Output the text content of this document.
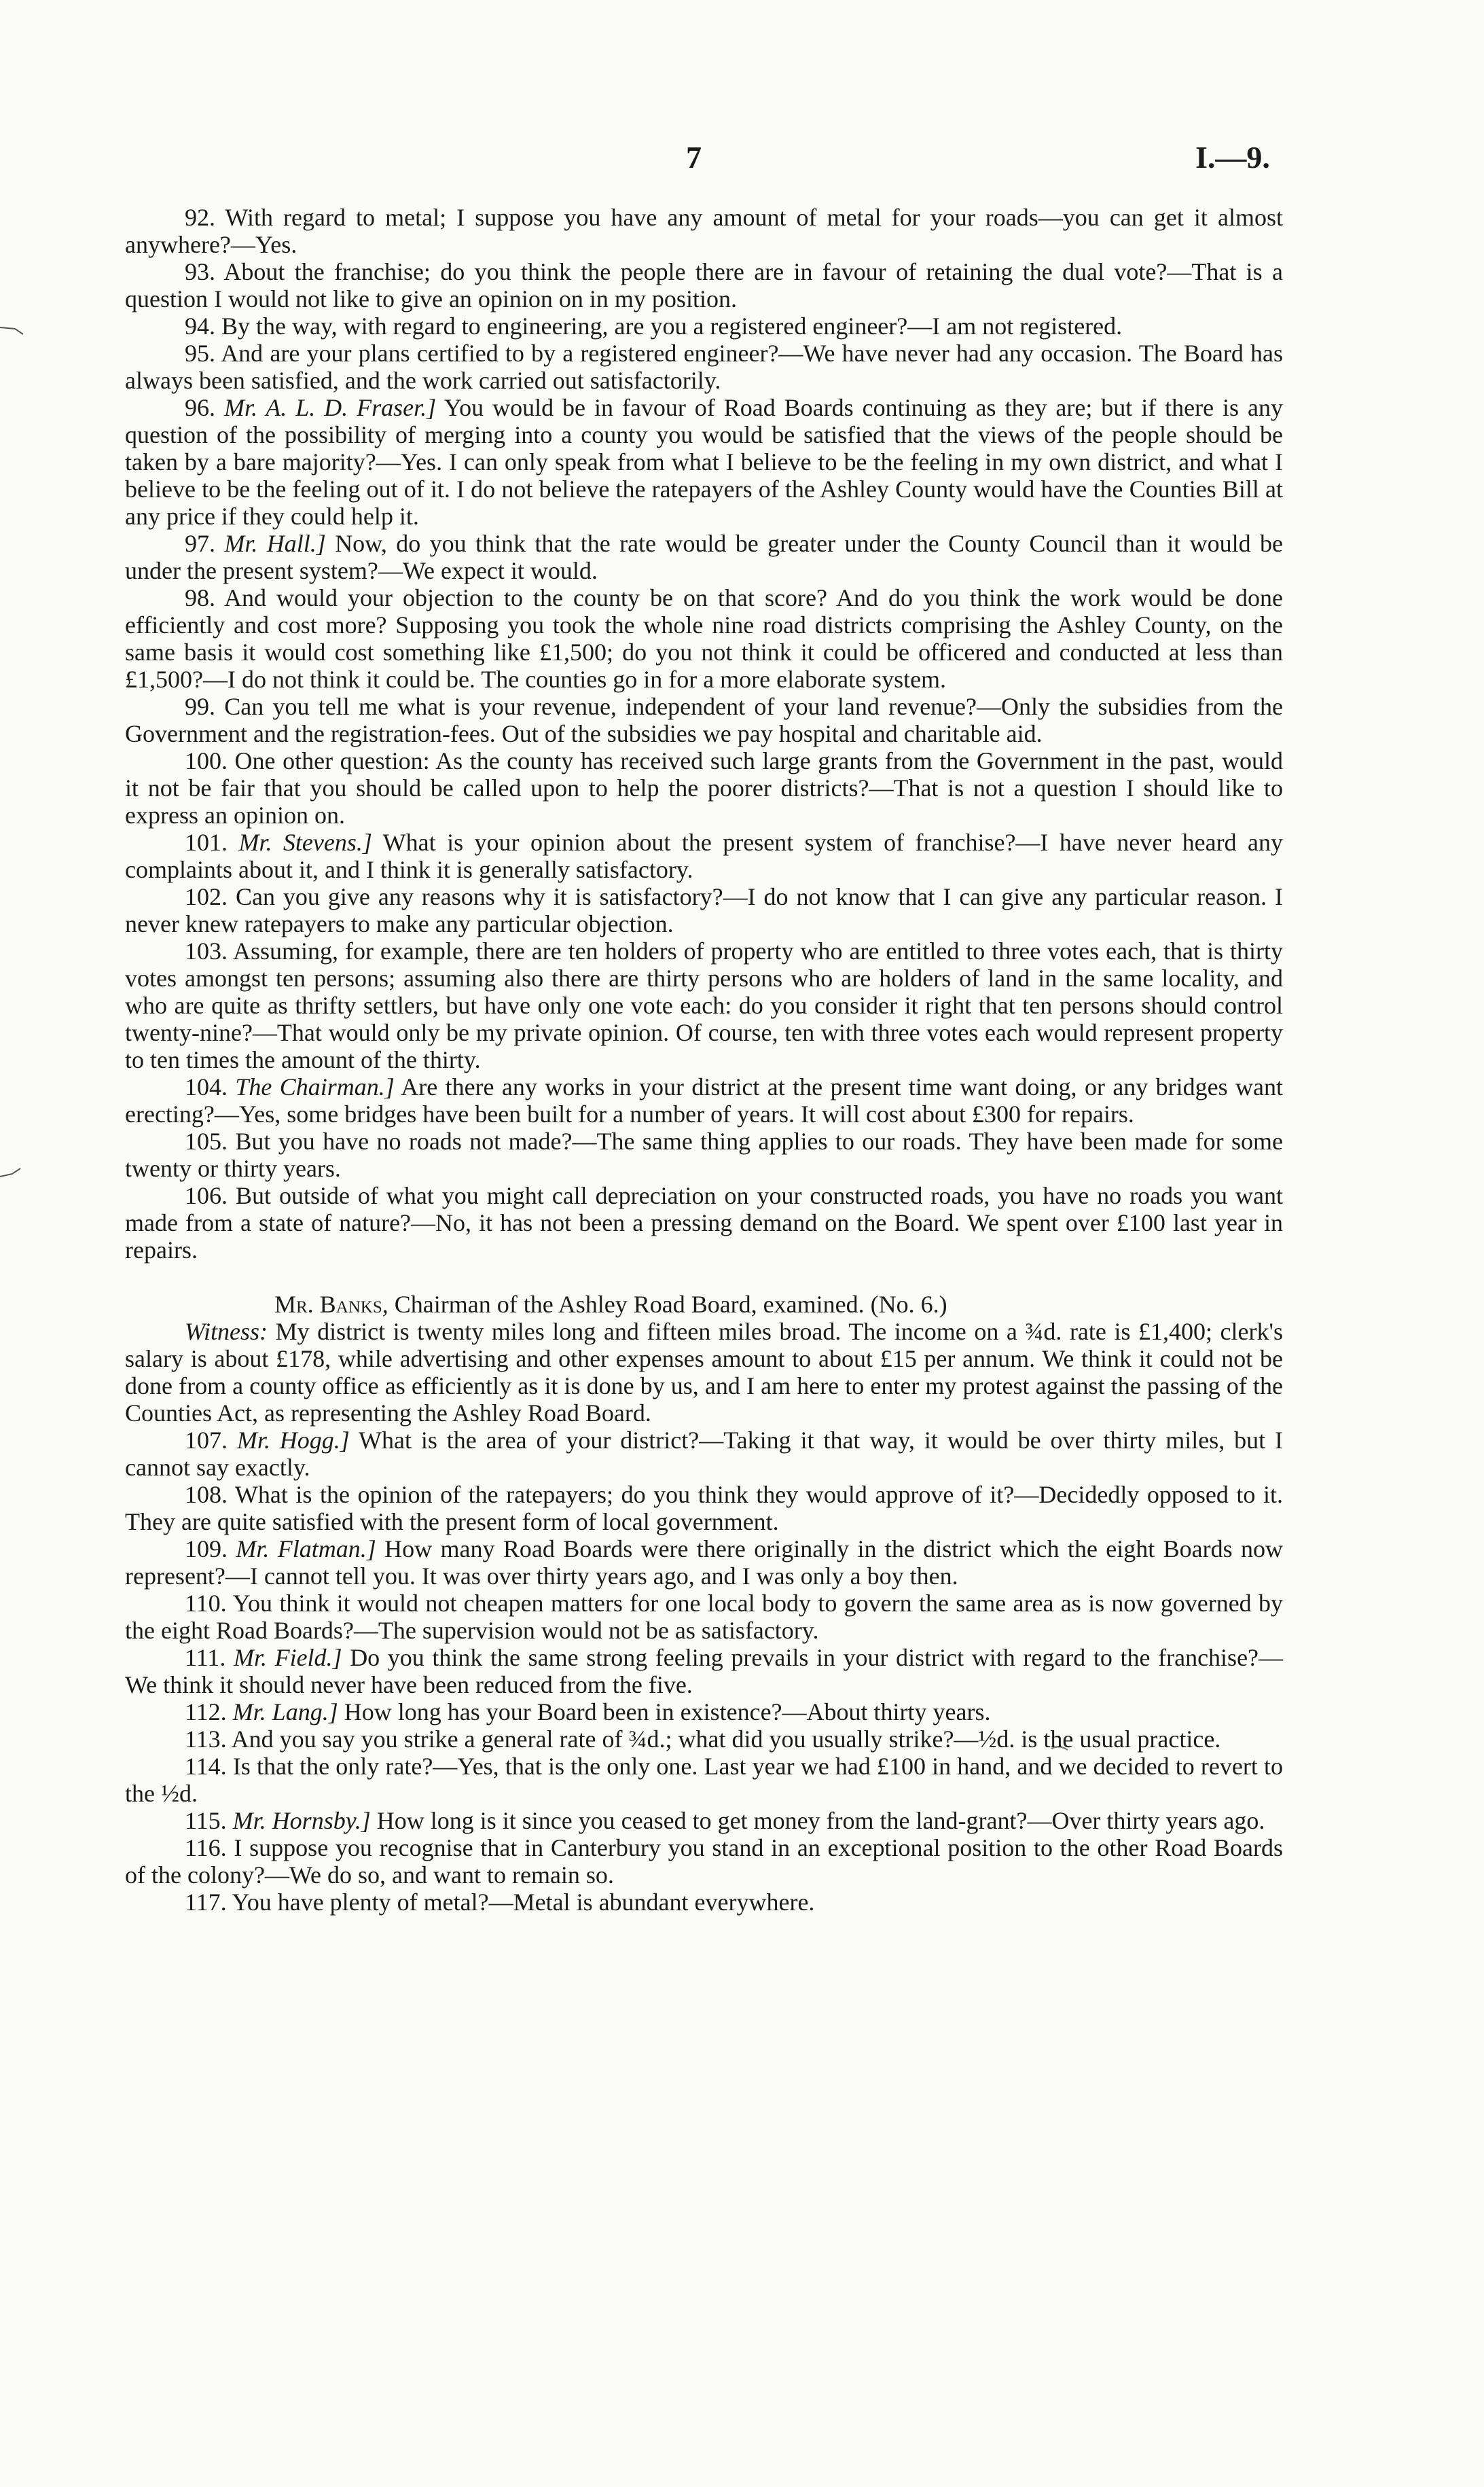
7	I.—9.

92. With regard to metal; I suppose you have any amount of metal for your roads—you can get it almost anywhere?—Yes.

93. About the franchise; do you think the people there are in favour of retaining the dual vote?—That is a question I would not like to give an opinion on in my position.

94. By the way, with regard to engineering, are you a registered engineer?—I am not registered.

95. And are your plans certified to by a registered engineer?—We have never had any occasion. The Board has always been satisfied, and the work carried out satisfactorily.

96. Mr. A. L. D. Fraser.] You would be in favour of Road Boards continuing as they are; but if there is any question of the possibility of merging into a county you would be satisfied that the views of the people should be taken by a bare majority?—Yes. I can only speak from what I believe to be the feeling in my own district, and what I believe to be the feeling out of it. I do not believe the ratepayers of the Ashley County would have the Counties Bill at any price if they could help it.

97. Mr. Hall.] Now, do you think that the rate would be greater under the County Council than it would be under the present system?—We expect it would.

98. And would your objection to the county be on that score? And do you think the work would be done efficiently and cost more? Supposing you took the whole nine road districts comprising the Ashley County, on the same basis it would cost something like £1,500; do you not think it could be officered and conducted at less than £1,500?—I do not think it could be. The counties go in for a more elaborate system.

99. Can you tell me what is your revenue, independent of your land revenue?—Only the subsidies from the Government and the registration-fees. Out of the subsidies we pay hospital and charitable aid.

100. One other question: As the county has received such large grants from the Government in the past, would it not be fair that you should be called upon to help the poorer districts?—That is not a question I should like to express an opinion on.

101. Mr. Stevens.] What is your opinion about the present system of franchise?—I have never heard any complaints about it, and I think it is generally satisfactory.

102. Can you give any reasons why it is satisfactory?—I do not know that I can give any particular reason. I never knew ratepayers to make any particular objection.

103. Assuming, for example, there are ten holders of property who are entitled to three votes each, that is thirty votes amongst ten persons; assuming also there are thirty persons who are holders of land in the same locality, and who are quite as thrifty settlers, but have only one vote each: do you consider it right that ten persons should control twenty-nine?—That would only be my private opinion. Of course, ten with three votes each would represent property to ten times the amount of the thirty.

104. The Chairman.] Are there any works in your district at the present time want doing, or any bridges want erecting?—Yes, some bridges have been built for a number of years. It will cost about £300 for repairs.

105. But you have no roads not made?—The same thing applies to our roads. They have been made for some twenty or thirty years.

106. But outside of what you might call depreciation on your constructed roads, you have no roads you want made from a state of nature?—No, it has not been a pressing demand on the Board. We spent over £100 last year in repairs.

Mr. Banks, Chairman of the Ashley Road Board, examined. (No. 6.)

Witness: My district is twenty miles long and fifteen miles broad. The income on a ¾d. rate is £1,400; clerk's salary is about £178, while advertising and other expenses amount to about £15 per annum. We think it could not be done from a county office as efficiently as it is done by us, and I am here to enter my protest against the passing of the Counties Act, as representing the Ashley Road Board.

107. Mr. Hogg.] What is the area of your district?—Taking it that way, it would be over thirty miles, but I cannot say exactly.

108. What is the opinion of the ratepayers; do you think they would approve of it?—Decidedly opposed to it. They are quite satisfied with the present form of local government.

109. Mr. Flatman.] How many Road Boards were there originally in the district which the eight Boards now represent?—I cannot tell you. It was over thirty years ago, and I was only a boy then.

110. You think it would not cheapen matters for one local body to govern the same area as is now governed by the eight Road Boards?—The supervision would not be as satisfactory.

111. Mr. Field.] Do you think the same strong feeling prevails in your district with regard to the franchise?—We think it should never have been reduced from the five.

112. Mr. Lang.] How long has your Board been in existence?—About thirty years.

113. And you say you strike a general rate of ¾d.; what did you usually strike?—½d. is the usual practice.

114. Is that the only rate?—Yes, that is the only one. Last year we had £100 in hand, and we decided to revert to the ½d.

115. Mr. Hornsby.] How long is it since you ceased to get money from the land-grant?—Over thirty years ago.

116. I suppose you recognise that in Canterbury you stand in an exceptional position to the other Road Boards of the colony?—We do so, and want to remain so.

117. You have plenty of metal?—Metal is abundant everywhere.
